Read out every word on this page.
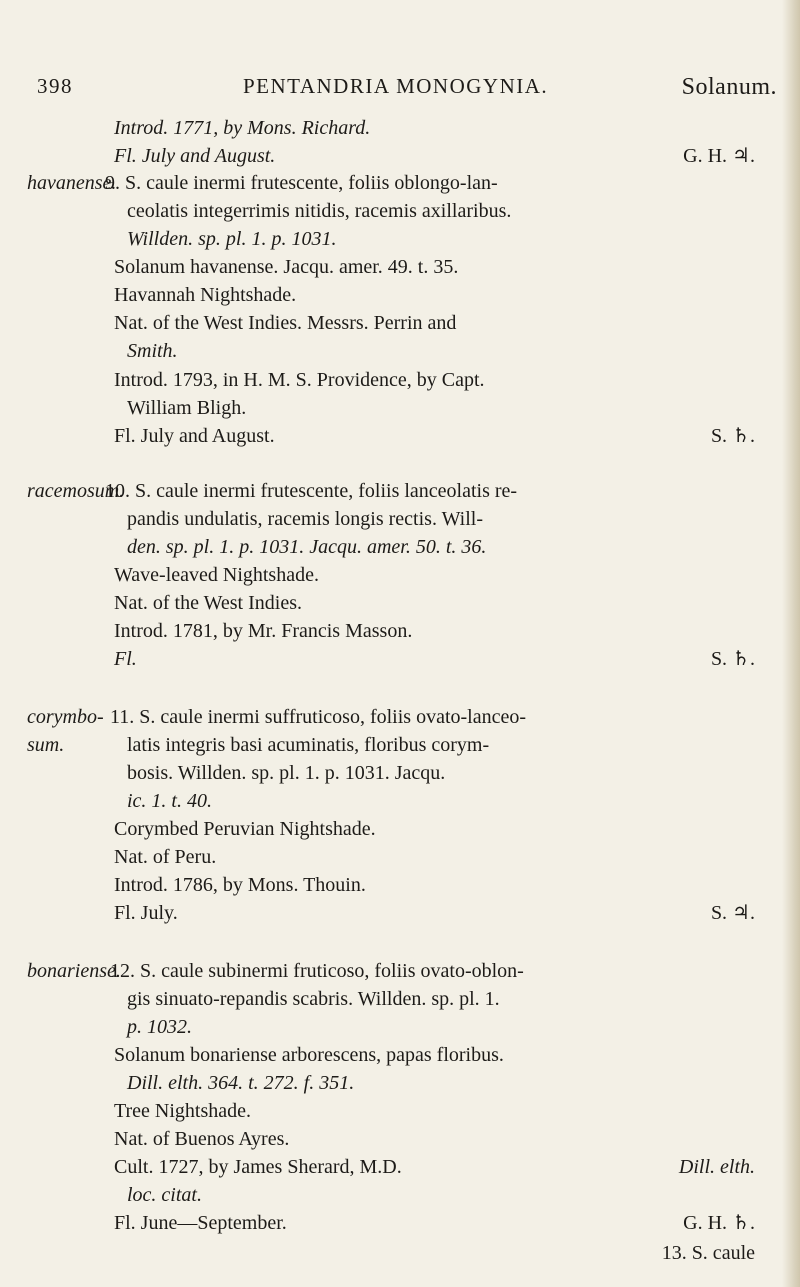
398	PENTANDRIA MONOGYNIA.	Solanum.
Introd. 1771, by Mons. Richard.
Fl. July and August.	G. H. ♃.
havanense.
9. S. caule inermi frutescente, foliis oblongo-lan-
ceolatis integerrimis nitidis, racemis axillaribus.
Willden. sp. pl. 1. p. 1031.
Solanum havanense. Jacqu. amer. 49. t. 35.
Havannah Nightshade.
Nat. of the West Indies. Messrs. Perrin and
Smith.
Introd. 1793, in H. M. S. Providence, by Capt.
William Bligh.
Fl. July and August.	S. ♄.
racemosum.
10. S. caule inermi frutescente, foliis lanceolatis re-
pandis undulatis, racemis longis rectis. Will-
den. sp. pl. 1. p. 1031. Jacqu. amer. 50. t. 36.
Wave-leaved Nightshade.
Nat. of the West Indies.
Introd. 1781, by Mr. Francis Masson.
Fl.	S. ♄.
corymbo-
sum.
11. S. caule inermi suffruticoso, foliis ovato-lanceo-
latis integris basi acuminatis, floribus corym-
bosis. Willden. sp. pl. 1. p. 1031. Jacqu.
ic. 1. t. 40.
Corymbed Peruvian Nightshade.
Nat. of Peru.
Introd. 1786, by Mons. Thouin.
Fl. July.	S. ♃.
bonariense.
12. S. caule subinermi fruticoso, foliis ovato-oblon-
gis sinuato-repandis scabris. Willden. sp. pl. 1.
p. 1032.
Solanum bonariense arborescens, papas floribus.
Dill. elth. 364. t. 272. f. 351.
Tree Nightshade.
Nat. of Buenos Ayres.
Cult. 1727, by James Sherard, M.D.	Dill. elth.
loc. citat.
Fl. June—September.	G. H. ♄.
13. S. caule
